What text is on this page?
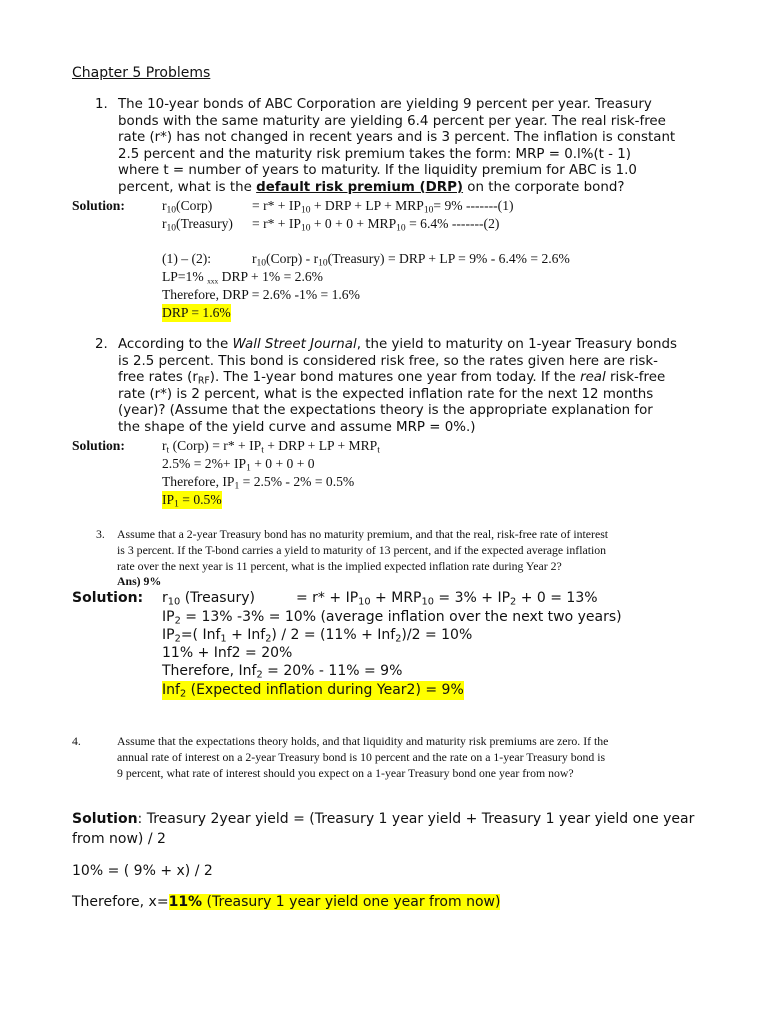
Chapter 5 Problems
1. The 10-year bonds of ABC Corporation are yielding 9 percent per year. Treasury
bonds with the same maturity are yielding 6.4 percent per year. The real risk-free
rate (r*) has not changed in recent years and is 3 percent. The inflation is constant
2.5 percent and the maturity risk premium takes the form: MRP = 0.l%(t - 1)
where t = number of years to maturity. If the liquidity premium for ABC is 1.0
percent, what is the default risk premium (DRP) on the corporate bond?
Solution:	$r_{10}(Corp)$	= $r* + IP_{10}$ + DRP + LP + $MRP_{10}= 9\%$ -------(1)
$r_{10}(Treasury) = r* + IP_{10} + 0 + 0 + MRP_{10} = 6.4\%$ -------(2)
(1) – (2):	$r_{10}(Corp)$ - $r_{10}(Treasury)$ = DRP + LP = 9% - 6.4% = 2.6%
LP=1% xxx DRP + 1% = 2.6%
Therefore, DRP = 2.6% -1% = 1.6%
DRP = 1.6%
2. According to the Wall Street Journal, the yield to maturity on 1-year Treasury bonds
is 2.5 percent. This bond is considered risk free, so the rates given here are risk-
free rates $(r_{RF})$. The 1-year bond matures one year from today. If the real risk-free
rate (r*) is 2 percent, what is the expected inflation rate for the next 12 months
(year)? (Assume that the expectations theory is the appropriate explanation for
the shape of the yield curve and assume MRP = 0%.)
Solution:	$r_t$ (Corp) = $r* + IP_t$ + DRP + LP + $MRP_t$
$2.5\% = 2\%+ IP_1 + 0 + 0 + 0$
Therefore, $IP_1 = 2.5\% - 2\% = 0.5\%$
$IP_1 = 0.5\%$
3. Assume that a 2-year Treasury bond has no maturity premium, and that the real, risk-free rate of interest
is 3 percent. If the T-bond carries a yield to maturity of 13 percent, and if the expected average inflation
rate over the next year is 11 percent, what is the implied expected inflation rate during Year 2?
Ans) 9%
Solution: $r_{10}$ (Treasury)	= $r* + IP_{10} + MRP_{10} = 3\% + IP_2 + 0 = 13\%$
$IP_2 = 13\%$ -3% = 10% (average inflation over the next two years)
$IP_2=$( Inf$_1$ + Inf$_2$) / 2 = (11% + Inf$_2$)/2 = 10%
11% + Inf2 = 20%
Therefore, Inf$_2$ = 20% - 11% = 9%
Inf$_2$ (Expected inflation during Year2) = 9%
4.	Assume that the expectations theory holds, and that liquidity and maturity risk premiums are zero. If the
annual rate of interest on a 2-year Treasury bond is 10 percent and the rate on a 1-year Treasury bond is
9 percent, what rate of interest should you expect on a 1-year Treasury bond one year from now?
Solution: Treasury 2year yield = (Treasury 1 year yield + Treasury 1 year yield one year
from now) / 2
10% = ( 9% + x) / 2
Therefore, x=11% (Treasury 1 year yield one year from now)
